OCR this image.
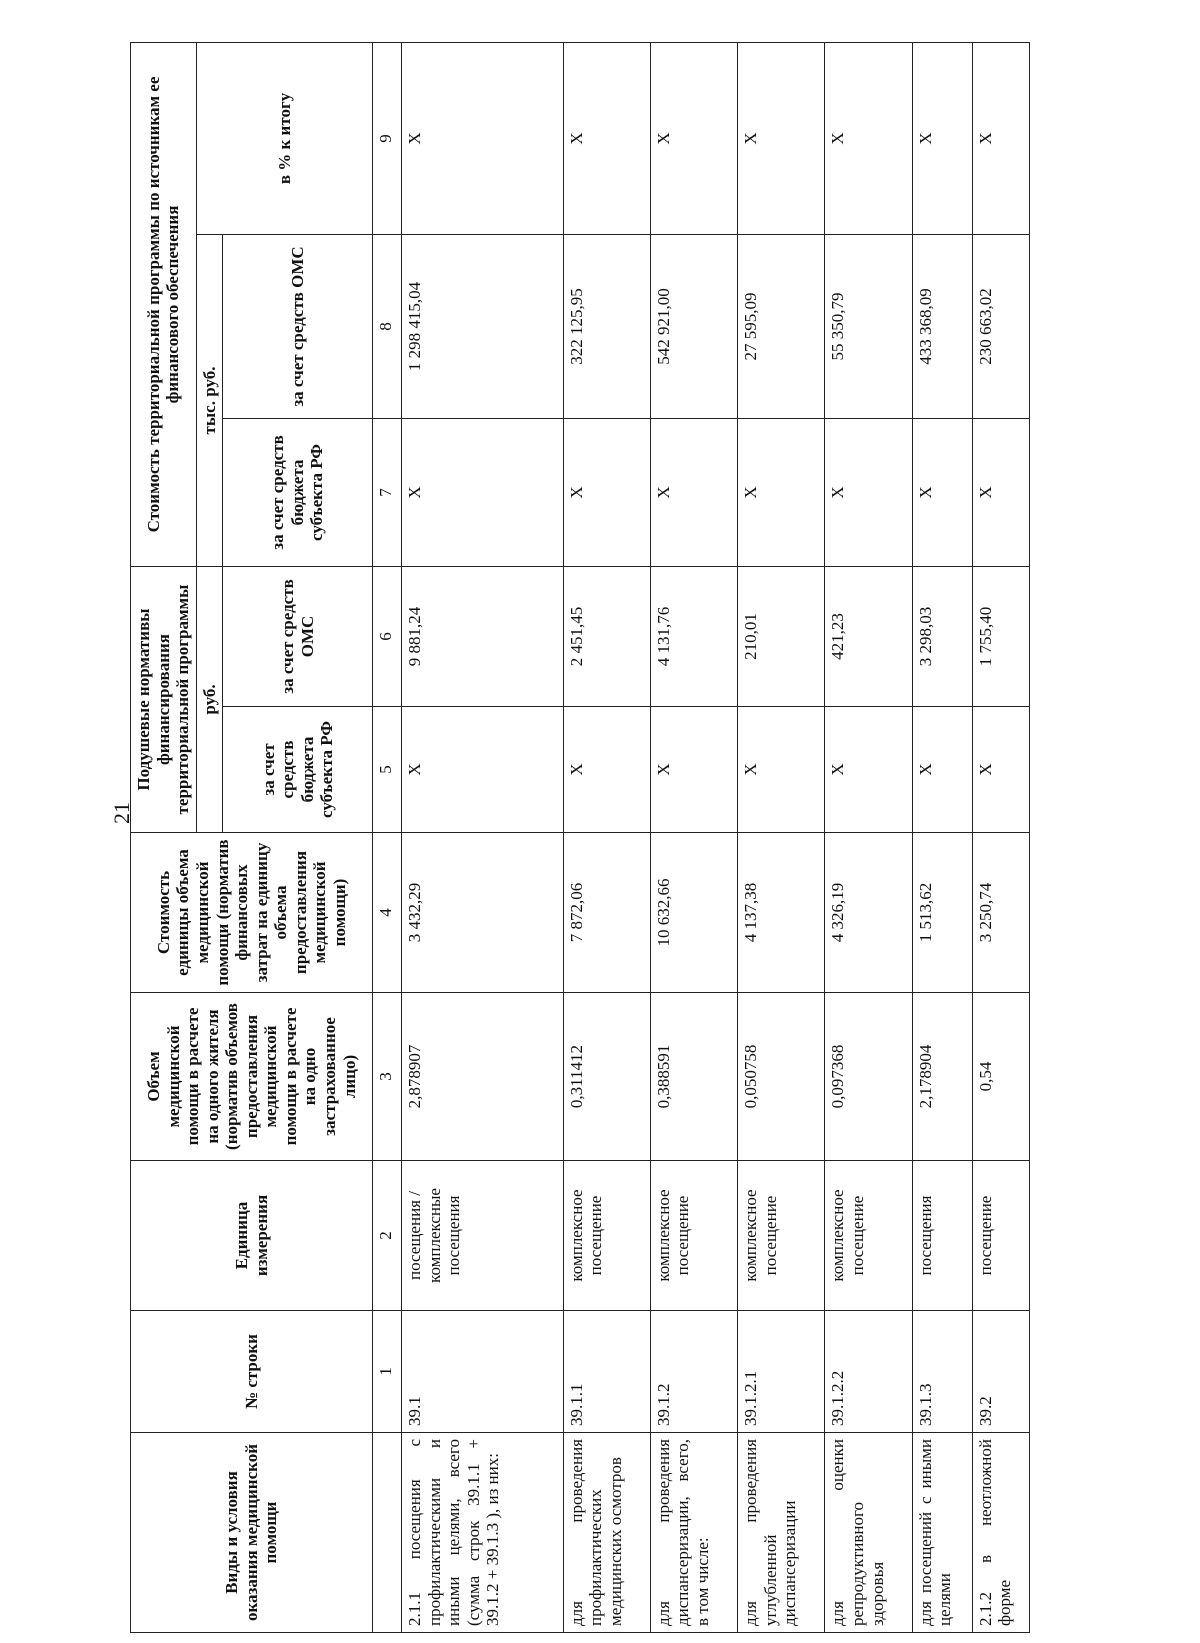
21
Виды и условия оказания медицинской помощи	№ строки	Единица измерения	Объем медицинской помощи в расчете на одного жителя (норматив объемов предоставления медицинской помощи в расчете на одно застрахованное лицо)	Стоимость единицы объема медицинской помощи (норматив финансовых затрат на единицу объема предоставления медицинской помощи)	Подушевые нормативы финансирования территориальной программы		Стоимость территориальной программы по источникам ее финансового обеспечения		
					руб.		тыс. руб.		в % к итогу
					за счет средств бюджета субъекта РФ	за счет средств ОМС	за счет средств бюджета субъекта РФ	за счет средств ОМС	
	1	2	3	4	5	6	7	8	9
2.1.1 посещения с профилактическими и иными целями, всего (сумма строк 39.1.1 + 39.1.2 + 39.1.3 ), из них:	39.1	посещения / комплексные посещения	2,878907	3 432,29	X	9 881,24	X	1 298 415,04	X
для проведения профилактических медицинских осмотров	39.1.1	комплексное посещение	0,311412	7 872,06	X	2 451,45	X	322 125,95	X
для проведения диспансеризации, всего, в том числе:	39.1.2	комплексное посещение	0,388591	10 632,66	X	4 131,76	X	542 921,00	X
для проведения углубленной диспансеризации	39.1.2.1	комплексное посещение	0,050758	4 137,38	X	210,01	X	27 595,09	X
для оценки репродуктивного здоровья	39.1.2.2	комплексное посещение	0,097368	4 326,19	X	421,23	X	55 350,79	X
для посещений с иными целями	39.1.3	посещения	2,178904	1 513,62	X	3 298,03	X	433 368,09	X
2.1.2 в неотложной форме	39.2	посещение	0,54	3 250,74	X	1 755,40	X	230 663,02	X
